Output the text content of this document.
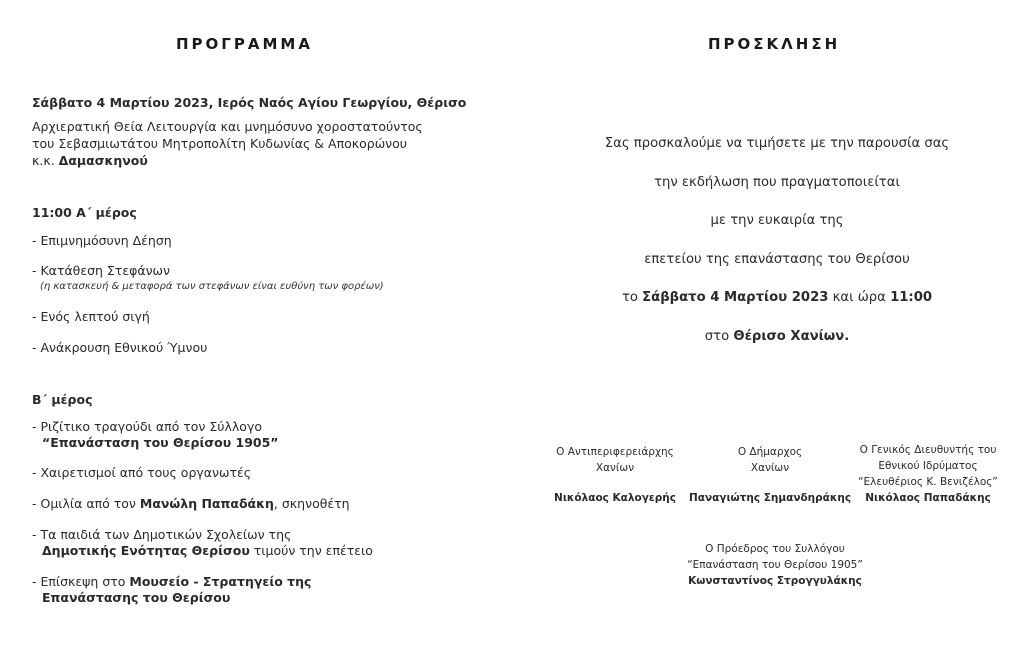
ΠΡΟΓΡΑΜΜΑ
Σάββατο 4 Μαρτίου 2023, Ιερός Ναός Αγίου Γεωργίου, Θέρισο
Αρχιερατική Θεία Λειτουργία και μνημόσυνο χοροστατούντος
του Σεβασμιωτάτου Μητροπολίτη Κυδωνίας & Αποκορώνου
κ.κ. Δαμασκηνού
11:00 Α΄ μέρος
- Επιμνημόσυνη Δέηση
- Κατάθεση Στεφάνων
(η κατασκευή & μεταφορά των στεφάνων είναι ευθύνη των φορέων)
- Ενός λεπτού σιγή
- Ανάκρουση Εθνικού Ύμνου
Β΄ μέρος
- Ριζίτικο τραγούδι από τον Σύλλογο
“Επανάσταση του Θερίσου 1905”
- Χαιρετισμοί από τους οργανωτές
- Ομιλία από τον Μανώλη Παπαδάκη, σκηνοθέτη
- Τα παιδιά των Δημοτικών Σχολείων της
Δημοτικής Ενότητας Θερίσου τιμούν την επέτειο
- Επίσκεψη στο Μουσείο - Στρατηγείο της
Επανάστασης του Θερίσου
ΠΡΟΣΚΛΗΣΗ
Σας προσκαλούμε να τιμήσετε με την παρουσία σας
την εκδήλωση που πραγματοποιείται
με την ευκαιρία της
επετείου της επανάστασης του Θερίσου
το Σάββατο 4 Μαρτίου 2023 και ώρα 11:00
στο Θέρισο Χανίων.
Ο Αντιπεριφερειάρχης
Χανίων
Νικόλαος Καλογερής
Ο Δήμαρχος
Χανίων
Παναγιώτης Σημανδηράκης
Ο Γενικός Διευθυντής του
Εθνικού Ιδρύματος
“Ελευθέριος Κ. Βενιζέλος”
Νικόλαος Παπαδάκης
Ο Πρόεδρος του Συλλόγου
“Επανάσταση του Θερίσου 1905”
Κωνσταντίνος Στρογγυλάκης
